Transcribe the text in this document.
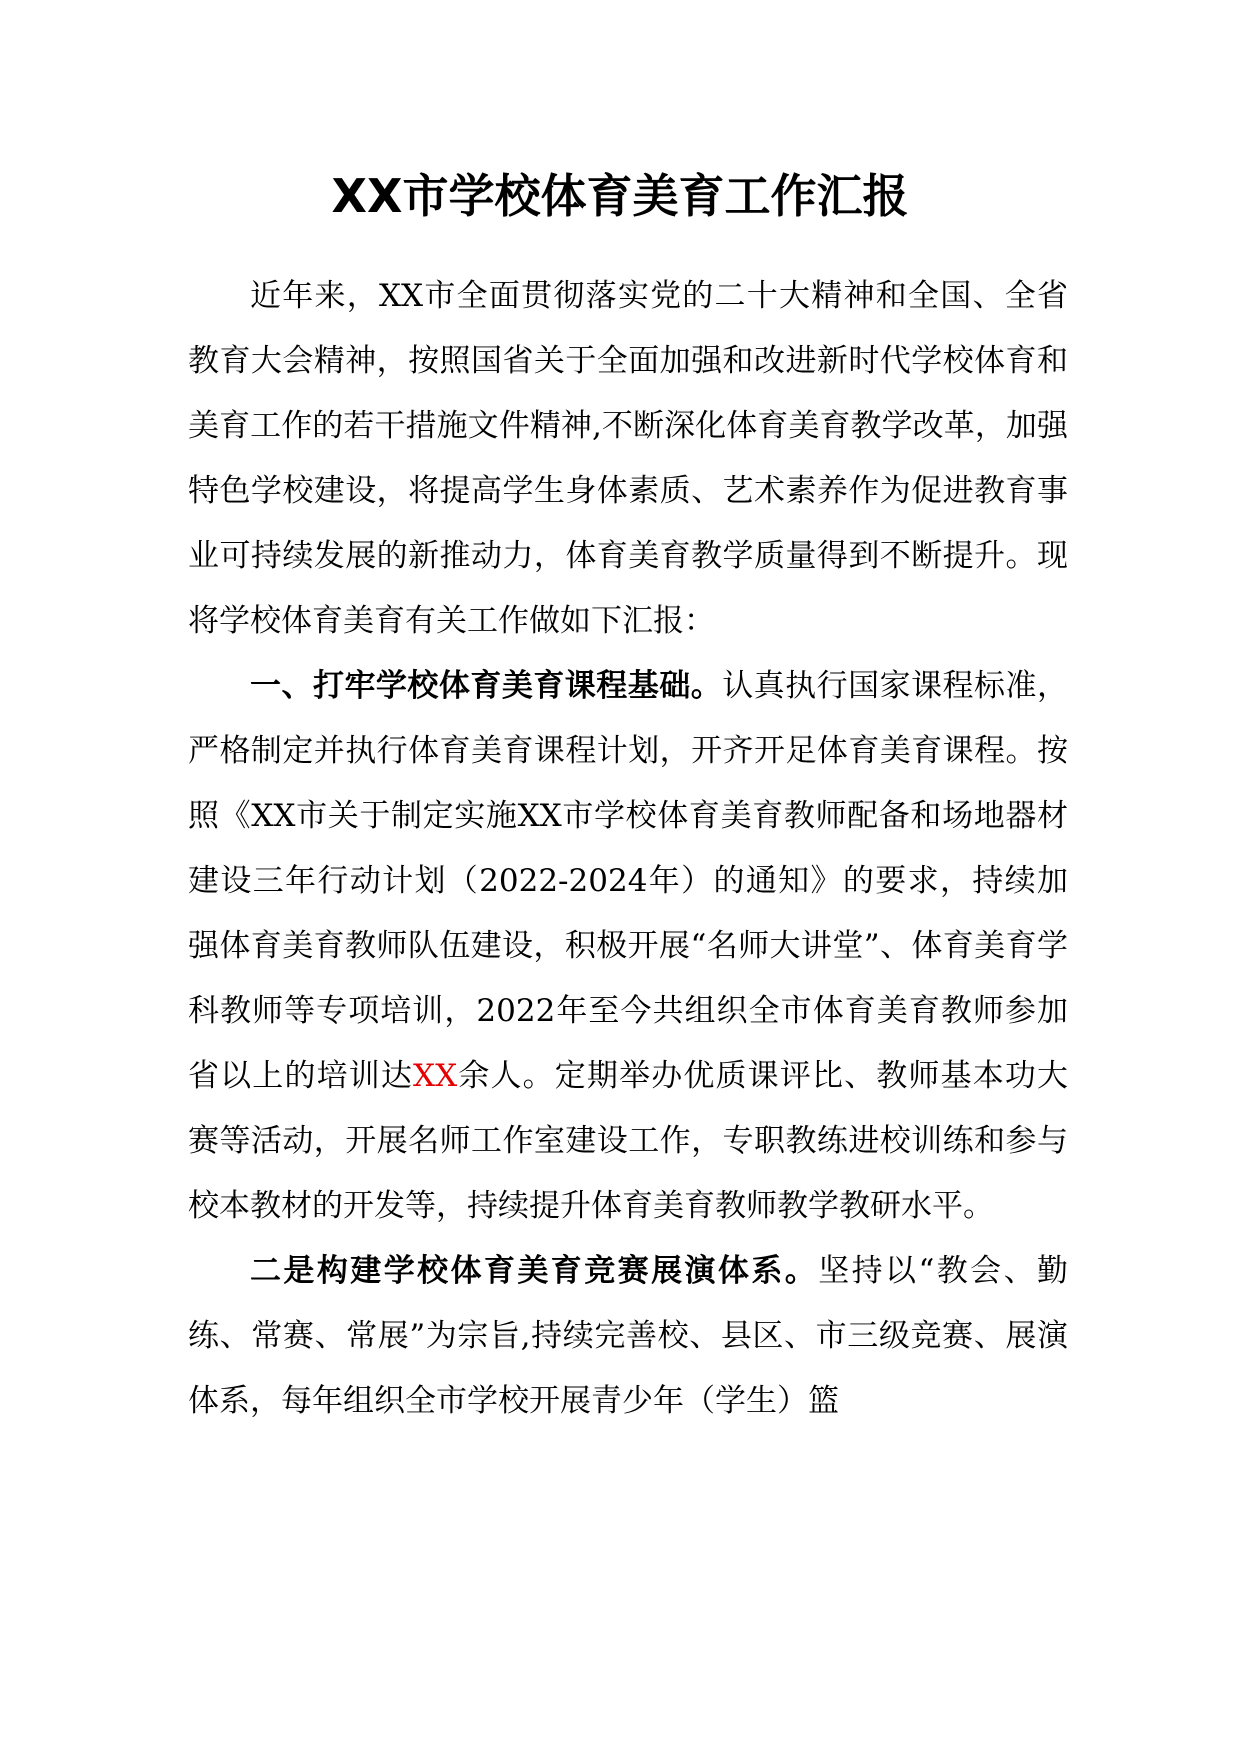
XX市学校体育美育工作汇报

近年来，XX市全面贯彻落实党的二十大精神和全国、全省教育大会精神，按照国省关于全面加强和改进新时代学校体育和美育工作的若干措施文件精神,不断深化体育美育教学改革，加强特色学校建设，将提高学生身体素质、艺术素养作为促进教育事业可持续发展的新推动力，体育美育教学质量得到不断提升。现将学校体育美育有关工作做如下汇报：

一、打牢学校体育美育课程基础。认真执行国家课程标准，严格制定并执行体育美育课程计划，开齐开足体育美育课程。按照《XX市关于制定实施XX市学校体育美育教师配备和场地器材建设三年行动计划（2022-2024年）的通知》的要求，持续加强体育美育教师队伍建设，积极开展“名师大讲堂”、体育美育学科教师等专项培训，2022年至今共组织全市体育美育教师参加省以上的培训达XX余人。定期举办优质课评比、教师基本功大赛等活动，开展名师工作室建设工作，专职教练进校训练和参与校本教材的开发等，持续提升体育美育教师教学教研水平。

二是构建学校体育美育竞赛展演体系。坚持以“教会、勤练、常赛、常展”为宗旨,持续完善校、县区、市三级竞赛、展演体系，每年组织全市学校开展青少年（学生）篮
